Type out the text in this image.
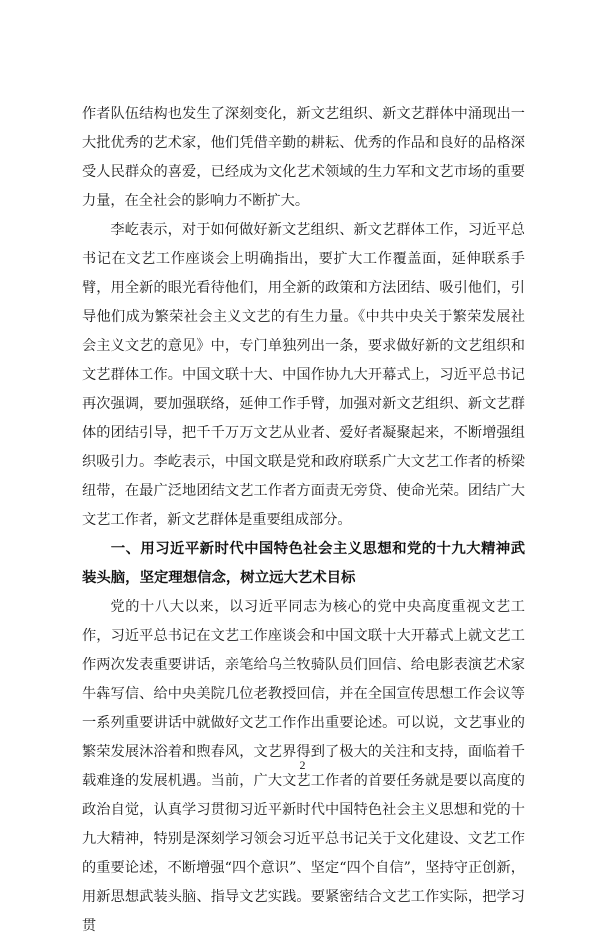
作者队伍结构也发生了深刻变化，新文艺组织、新文艺群体中涌现出一大批优秀的艺术家，他们凭借辛勤的耕耘、优秀的作品和良好的品格深受人民群众的喜爱，已经成为文化艺术领域的生力军和文艺市场的重要力量，在全社会的影响力不断扩大。

李屹表示，对于如何做好新文艺组织、新文艺群体工作，习近平总书记在文艺工作座谈会上明确指出，要扩大工作覆盖面，延伸联系手臂，用全新的眼光看待他们，用全新的政策和方法团结、吸引他们，引导他们成为繁荣社会主义文艺的有生力量。《中共中央关于繁荣发展社会主义文艺的意见》中，专门单独列出一条，要求做好新的文艺组织和文艺群体工作。中国文联十大、中国作协九大开幕式上，习近平总书记再次强调，要加强联络，延伸工作手臂，加强对新文艺组织、新文艺群体的团结引导，把千千万万文艺从业者、爱好者凝聚起来，不断增强组织吸引力。李屹表示，中国文联是党和政府联系广大文艺工作者的桥梁纽带，在最广泛地团结文艺工作者方面责无旁贷、使命光荣。团结广大文艺工作者，新文艺群体是重要组成部分。

一、用习近平新时代中国特色社会主义思想和党的十九大精神武装头脑，坚定理想信念，树立远大艺术目标

党的十八大以来，以习近平同志为核心的党中央高度重视文艺工作，习近平总书记在文艺工作座谈会和中国文联十大开幕式上就文艺工作两次发表重要讲话，亲笔给乌兰牧骑队员们回信、给电影表演艺术家牛犇写信、给中央美院几位老教授回信，并在全国宣传思想工作会议等一系列重要讲话中就做好文艺工作作出重要论述。可以说，文艺事业的繁荣发展沐浴着和煦春风，文艺界得到了极大的关注和支持，面临着千载难逢的发展机遇。当前，广大文艺工作者的首要任务就是要以高度的政治自觉，认真学习贯彻习近平新时代中国特色社会主义思想和党的十九大精神，特别是深刻学习领会习近平总书记关于文化建设、文艺工作的重要论述，不断增强“四个意识”、坚定“四个自信”，坚持守正创新，用新思想武装头脑、指导文艺实践。要紧密结合文艺工作实际，把学习贯

2
